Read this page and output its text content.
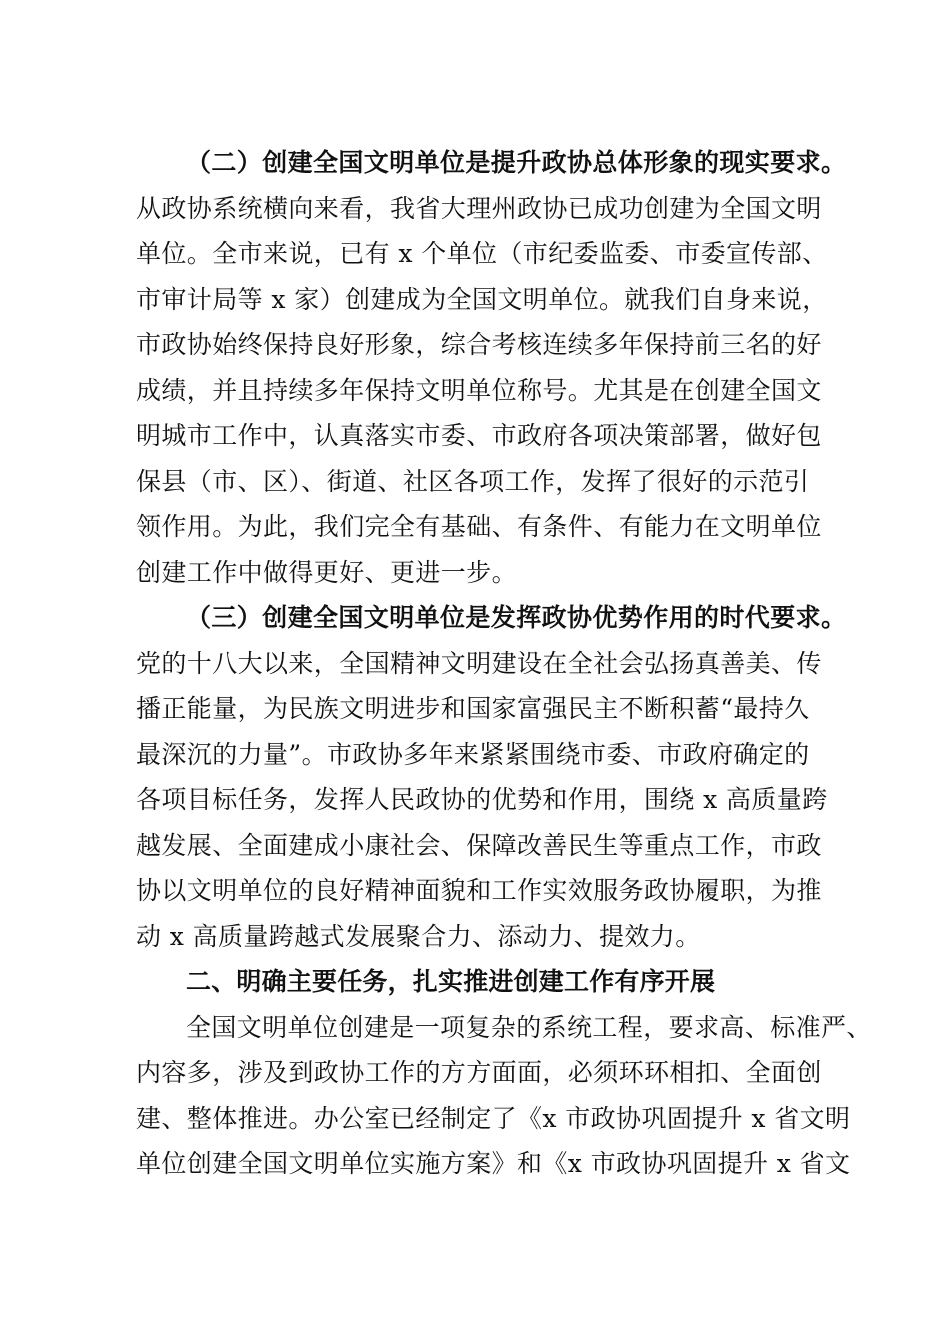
（二）创建全国文明单位是提升政协总体形象的现实要求。
从政协系统横向来看，我省大理州政协已成功创建为全国文明
单位。全市来说，已有 x 个单位（市纪委监委、市委宣传部、
市审计局等 x 家）创建成为全国文明单位。就我们自身来说，
市政协始终保持良好形象，综合考核连续多年保持前三名的好
成绩，并且持续多年保持文明单位称号。尤其是在创建全国文
明城市工作中，认真落实市委、市政府各项决策部署，做好包
保县（市、区）、街道、社区各项工作，发挥了很好的示范引
领作用。为此，我们完全有基础、有条件、有能力在文明单位
创建工作中做得更好、更进一步。
（三）创建全国文明单位是发挥政协优势作用的时代要求。
党的十八大以来，全国精神文明建设在全社会弘扬真善美、传
播正能量，为民族文明进步和国家富强民主不断积蓄“最持久
最深沉的力量”。市政协多年来紧紧围绕市委、市政府确定的
各项目标任务，发挥人民政协的优势和作用，围绕 x 高质量跨
越发展、全面建成小康社会、保障改善民生等重点工作，市政
协以文明单位的良好精神面貌和工作实效服务政协履职，为推
动 x 高质量跨越式发展聚合力、添动力、提效力。
二、明确主要任务，扎实推进创建工作有序开展
全国文明单位创建是一项复杂的系统工程，要求高、标准严、
内容多，涉及到政协工作的方方面面，必须环环相扣、全面创
建、整体推进。办公室已经制定了《x 市政协巩固提升 x 省文明
单位创建全国文明单位实施方案》和《x 市政协巩固提升 x 省文
